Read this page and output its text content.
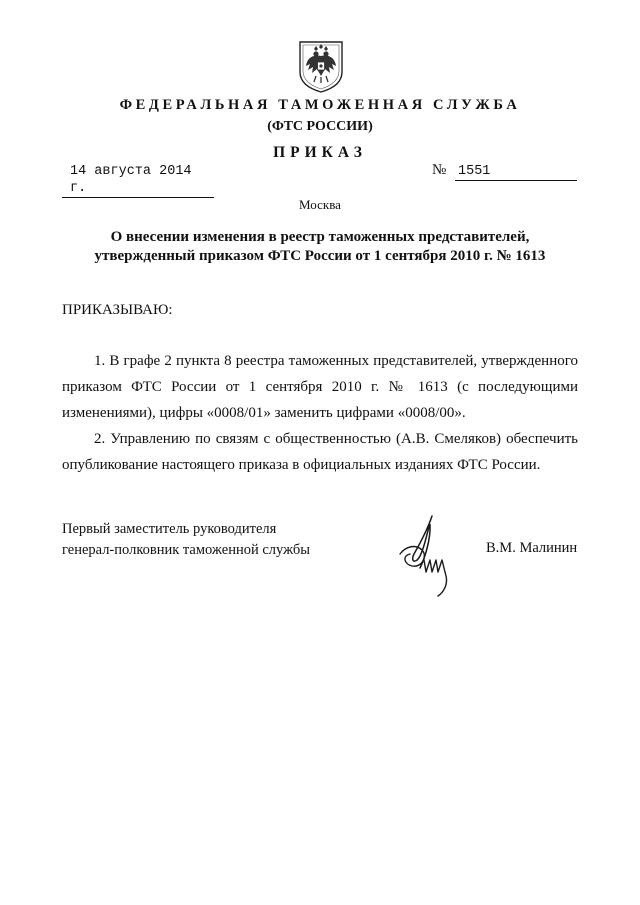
ФЕДЕРАЛЬНАЯ ТАМОЖЕННАЯ СЛУЖБА
(ФТС РОССИИ)
ПРИКАЗ
14 августа 2014 г.
№ 1551
Москва
О внесении изменения в реестр таможенных представителей, утвержденный приказом ФТС России от 1 сентября 2010 г. № 1613
ПРИКАЗЫВАЮ:

1. В графе 2 пункта 8 реестра таможенных представителей, утвержденного приказом ФТС России от 1 сентября 2010 г. № 1613 (с последующими изменениями), цифры «0008/01» заменить цифрами «0008/00».

2. Управлению по связям с общественностью (А.В. Смеляков) обеспечить опубликование настоящего приказа в официальных изданиях ФТС России.

Первый заместитель руководителя
генерал-полковник таможенной службы	В.М. Малинин
